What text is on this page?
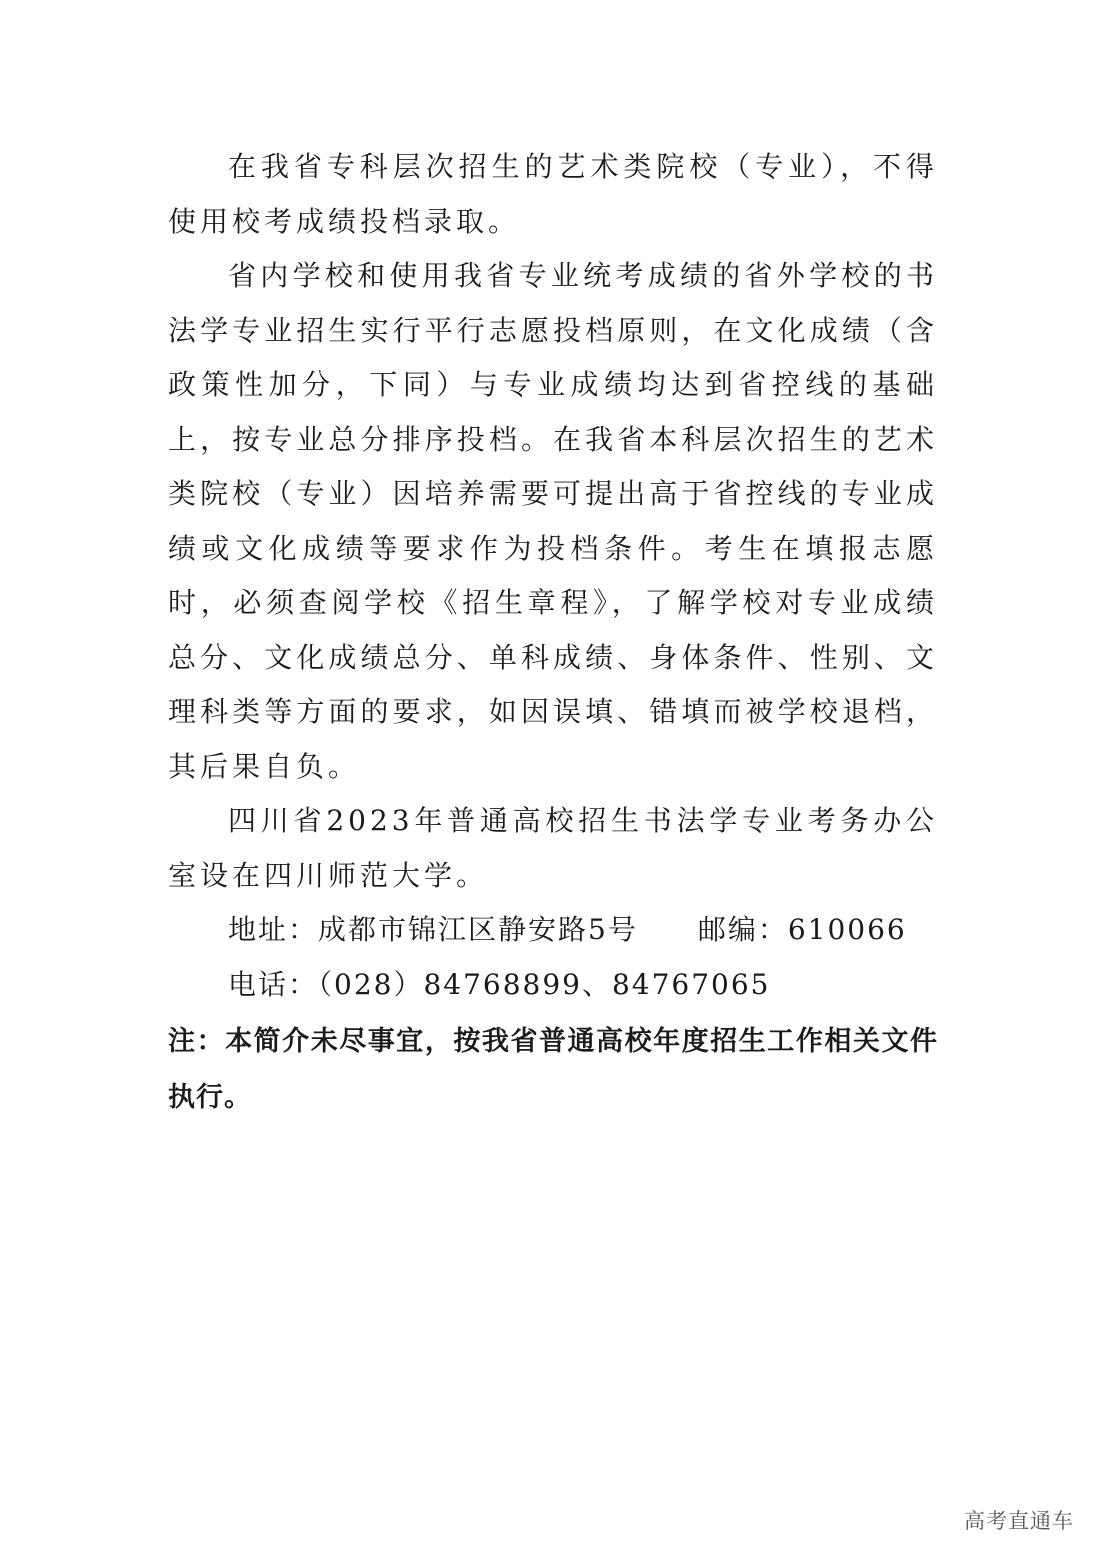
在我省专科层次招生的艺术类院校（专业），不得使用校考成绩投档录取。

省内学校和使用我省专业统考成绩的省外学校的书法学专业招生实行平行志愿投档原则，在文化成绩（含政策性加分，下同）与专业成绩均达到省控线的基础上，按专业总分排序投档。在我省本科层次招生的艺术类院校（专业）因培养需要可提出高于省控线的专业成绩或文化成绩等要求作为投档条件。考生在填报志愿时，必须查阅学校《招生章程》，了解学校对专业成绩总分、文化成绩总分、单科成绩、身体条件、性别、文理科类等方面的要求，如因误填、错填而被学校退档，其后果自负。

四川省2023年普通高校招生书法学专业考务办公室设在四川师范大学。

地址：成都市锦江区静安路5号 邮编：610066

电话：（028）84768899、84767065

注：本简介未尽事宜，按我省普通高校年度招生工作相关文件执行。

高考直通车
